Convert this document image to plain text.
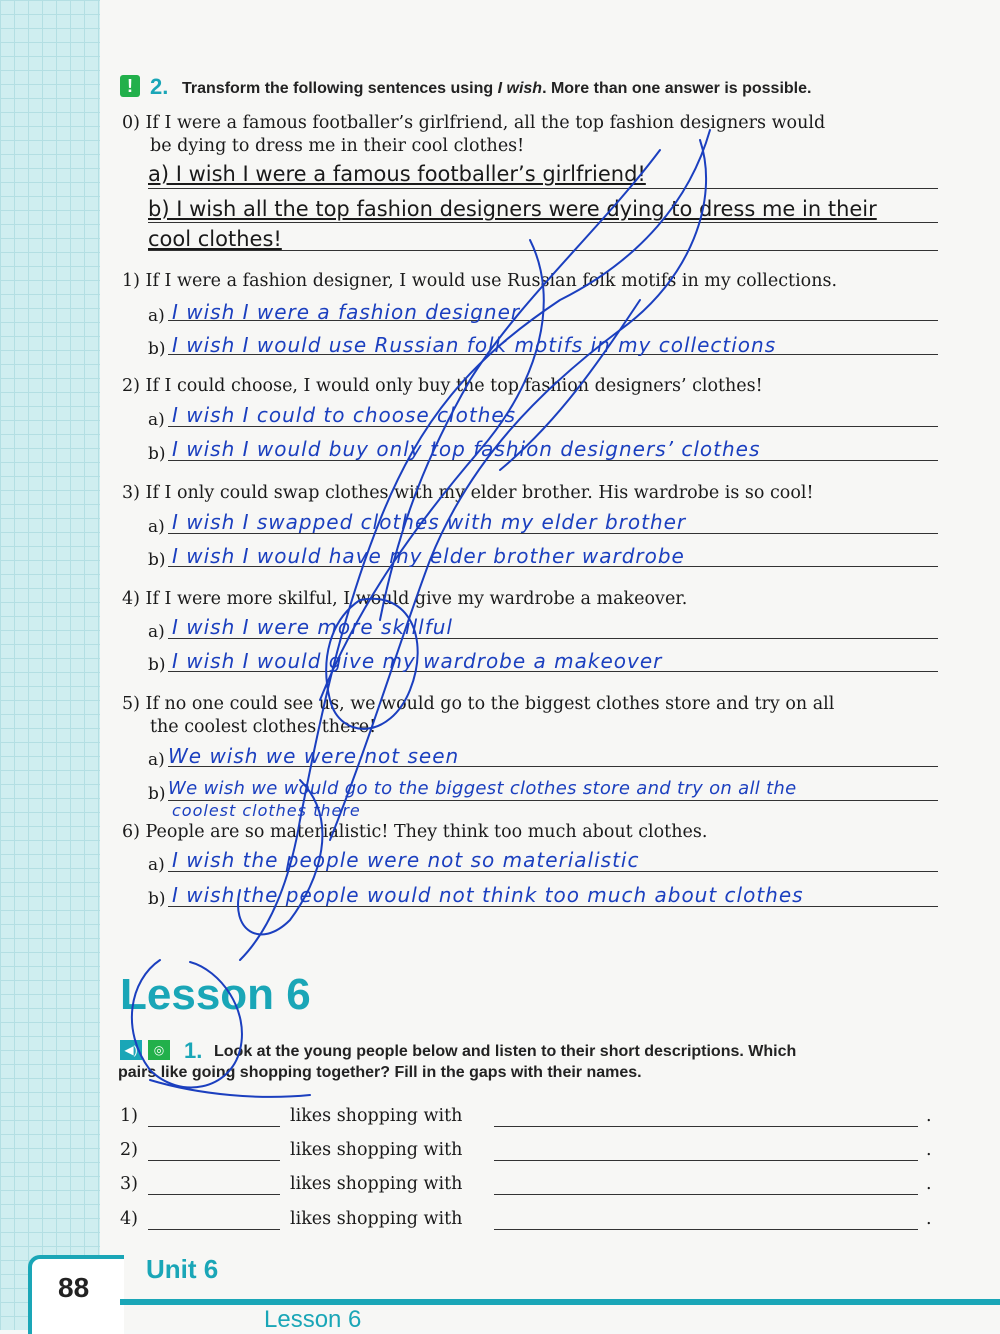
! 2. Transform the following sentences using I wish. More than one answer is possible.
0) If I were a famous footballer’s girlfriend, all the top fashion designers would
be dying to dress me in their cool clothes!
a) I wish I were a famous footballer’s girlfriend!
b) I wish all the top fashion designers were dying to dress me in their
cool clothes!
1) If I were a fashion designer, I would use Russian folk motifs in my collections.
a) I wish I were a fashion designer
b) I wish I would use Russian folk motifs in my collections
2) If I could choose, I would only buy the top fashion designers’ clothes!
a) I wish I could to choose clothes
b) I wish I would buy only top fashion designers’ clothes
3) If I only could swap clothes with my elder brother. His wardrobe is so cool!
a) I wish I swapped clothes with my elder brother
b) I wish I would have my elder brother wardrobe
4) If I were more skilful, I would give my wardrobe a makeover.
a) I wish I were more skillful
b) I wish I would give my wardrobe a makeover
5) If no one could see us, we would go to the biggest clothes store and try on all
the coolest clothes there!
a) We wish we were not seen
b) We wish we would go to the biggest clothes store and try on all the
coolest clothes there
6) People are so materialistic! They think too much about clothes.
a) I wish the people were not so materialistic
b) I wish the people would not think too much about clothes
Lesson 6
◀)	◎ 1. Look at the young people below and listen to their short descriptions. Which
pairs like going shopping together? Fill in the gaps with their names.
1)	likes shopping with	.
2)	likes shopping with	.
3)	likes shopping with	.
4)	likes shopping with	.
88
Unit 6
Lesson 6
